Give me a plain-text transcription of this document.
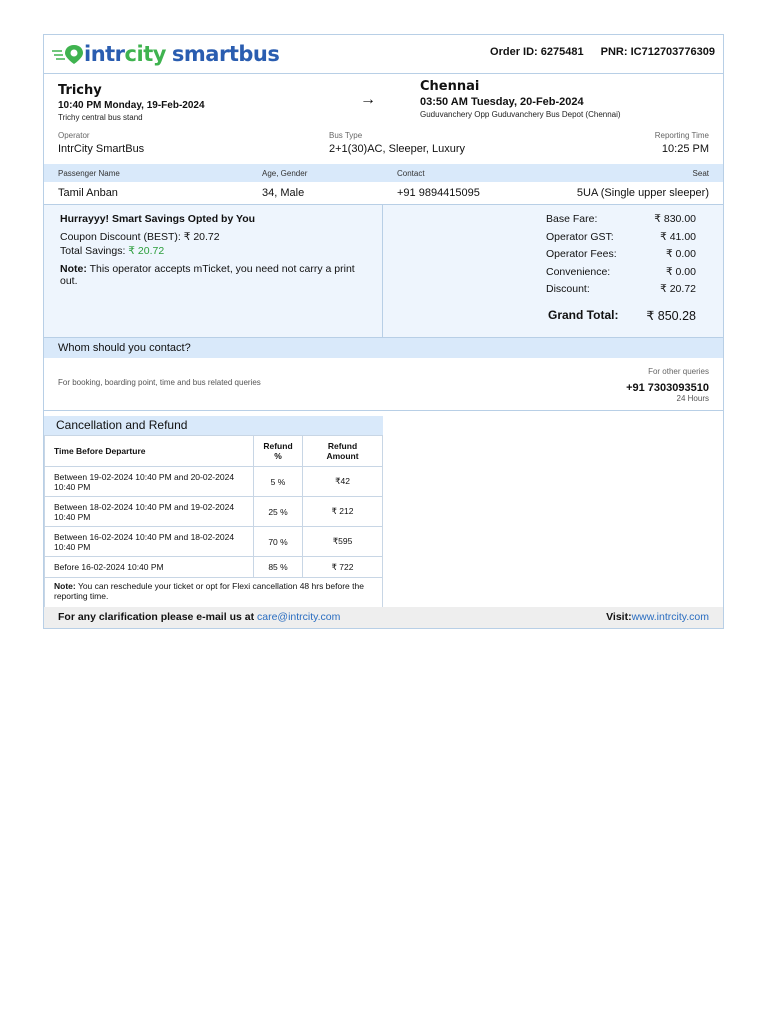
intrcity smartbus	Order ID: 6275481 PNR: IC712703776309
Trichy
10:40 PM Monday, 19-Feb-2024
Trichy central bus stand
→
Chennai
03:50 AM Tuesday, 20-Feb-2024
Guduvanchery Opp Guduvanchery Bus Depot (Chennai)
Operator
IntrCity SmartBus
Bus Type
2+1(30)AC, Sleeper, Luxury
Reporting Time
10:25 PM
Passenger Name	Age, Gender	Contact	Seat
Tamil Anban	34, Male	+91 9894415095	5UA (Single upper sleeper)
Hurrayyy! Smart Savings Opted by You
Coupon Discount (BEST): ₹ 20.72
Total Savings: ₹ 20.72
Note: This operator accepts mTicket, you need not carry a print out.
Base Fare:	₹ 830.00
Operator GST:	₹ 41.00
Operator Fees:	₹ 0.00
Convenience:	₹ 0.00
Discount:	₹ 20.72
Grand Total: ₹ 850.28
Whom should you contact?
For booking, boarding point, time and bus related queries
For other queries
+91 7303093510
24 Hours
Cancellation and Refund
Time Before Departure	Refund %	Refund Amount
Between 19-02-2024 10:40 PM and 20-02-2024 10:40 PM	5 %	₹42
Between 18-02-2024 10:40 PM and 19-02-2024 10:40 PM	25 %	₹ 212
Between 16-02-2024 10:40 PM and 18-02-2024 10:40 PM	70 %	₹595
Before 16-02-2024 10:40 PM	85 %	₹ 722
Note: You can reschedule your ticket or opt for Flexi cancellation 48 hrs before the reporting time.
For any clarification please e-mail us at care@intrcity.com	Visit:www.intrcity.com
